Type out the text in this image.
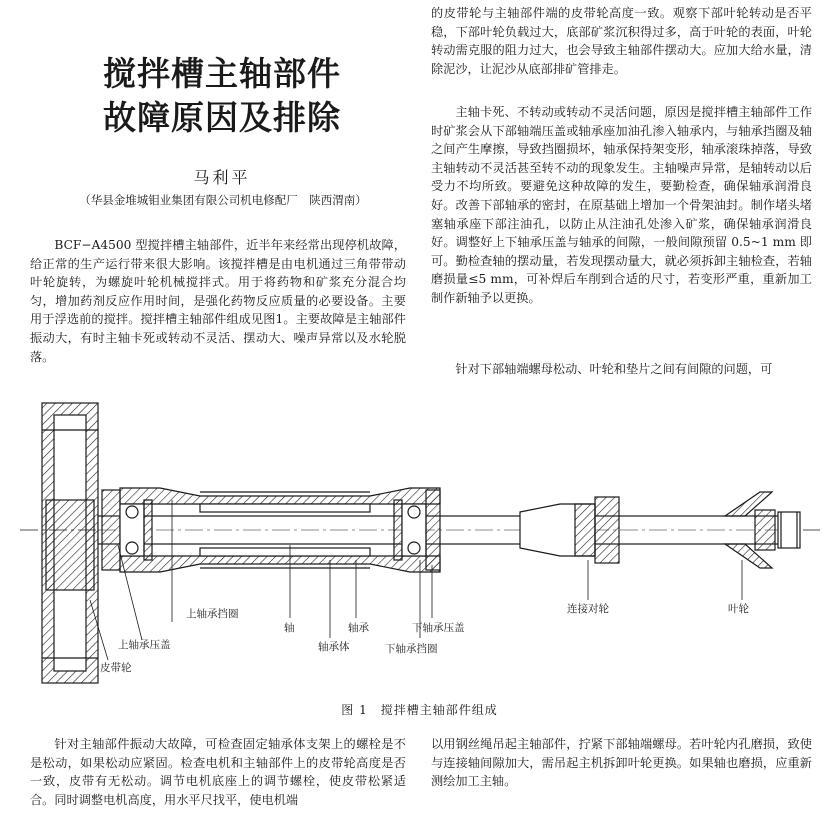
搅拌槽主轴部件
故障原因及排除
马利平
（华县金堆城钼业集团有限公司机电修配厂　陕西渭南）
BCF−A4500 型搅拌槽主轴部件，近半年来经常出现停机故障，给正常的生产运行带来很大影响。该搅拌槽是由电机通过三角带带动叶轮旋转，为螺旋叶轮机械搅拌式。用于将药物和矿浆充分混合均匀，增加药剂反应作用时间，是强化药物反应质量的必要设备。主要用于浮选前的搅拌。搅拌槽主轴部件组成见图1。主要故障是主轴部件振动大，有时主轴卡死或转动不灵活、摆动大、噪声异常以及水轮脱落。
的皮带轮与主轴部件端的皮带轮高度一致。观察下部叶轮转动是否平稳，下部叶轮负载过大，底部矿浆沉积得过多，高于叶轮的表面，叶轮转动需克服的阻力过大，也会导致主轴部件摆动大。应加大给水量，清除泥沙，让泥沙从底部排矿管排走。
主轴卡死、不转动或转动不灵活问题，原因是搅拌槽主轴部件工作时矿浆会从下部轴端压盖或轴承座加油孔渗入轴承内，与轴承挡圈及轴之间产生摩擦，导致挡圈损坏，轴承保持架变形，轴承滚珠掉落，导致主轴转动不灵活甚至转不动的现象发生。主轴噪声异常，是轴转动以后受力不均所致。要避免这种故障的发生，要勤检查，确保轴承润滑良好。改善下部轴承的密封，在原基础上增加一个骨架油封。制作堵头堵塞轴承座下部注油孔，以防止从注油孔处渗入矿浆，确保轴承润滑良好。调整好上下轴承压盖与轴承的间隙，一般间隙预留 0.5~1 mm 即可。勤检查轴的摆动量，若发现摆动量大，就必须拆卸主轴检查，若轴磨损量≤5 mm，可补焊后车削到合适的尺寸，若变形严重，重新加工制作新轴予以更换。
针对下部轴端螺母松动、叶轮和垫片之间有间隙的问题，可
上轴承挡圈
上轴承压盖
轴
轴承体
轴承	下轴承压盖
下轴承挡圈
皮带轮
连接对轮	叶轮
图 1　搅拌槽主轴部件组成
针对主轴部件振动大故障，可检查固定轴承体支架上的螺栓是不是松动，如果松动应紧固。检查电机和主轴部件上的皮带轮高度是否一致，皮带有无松动。调节电机底座上的调节螺栓，使皮带松紧适合。同时调整电机高度，用水平尺找平，使电机端
以用钢丝绳吊起主轴部件，拧紧下部轴端螺母。若叶轮内孔磨损，致使与连接轴间隙加大，需吊起主机拆卸叶轮更换。如果轴也磨损，应重新测绘加工主轴。
